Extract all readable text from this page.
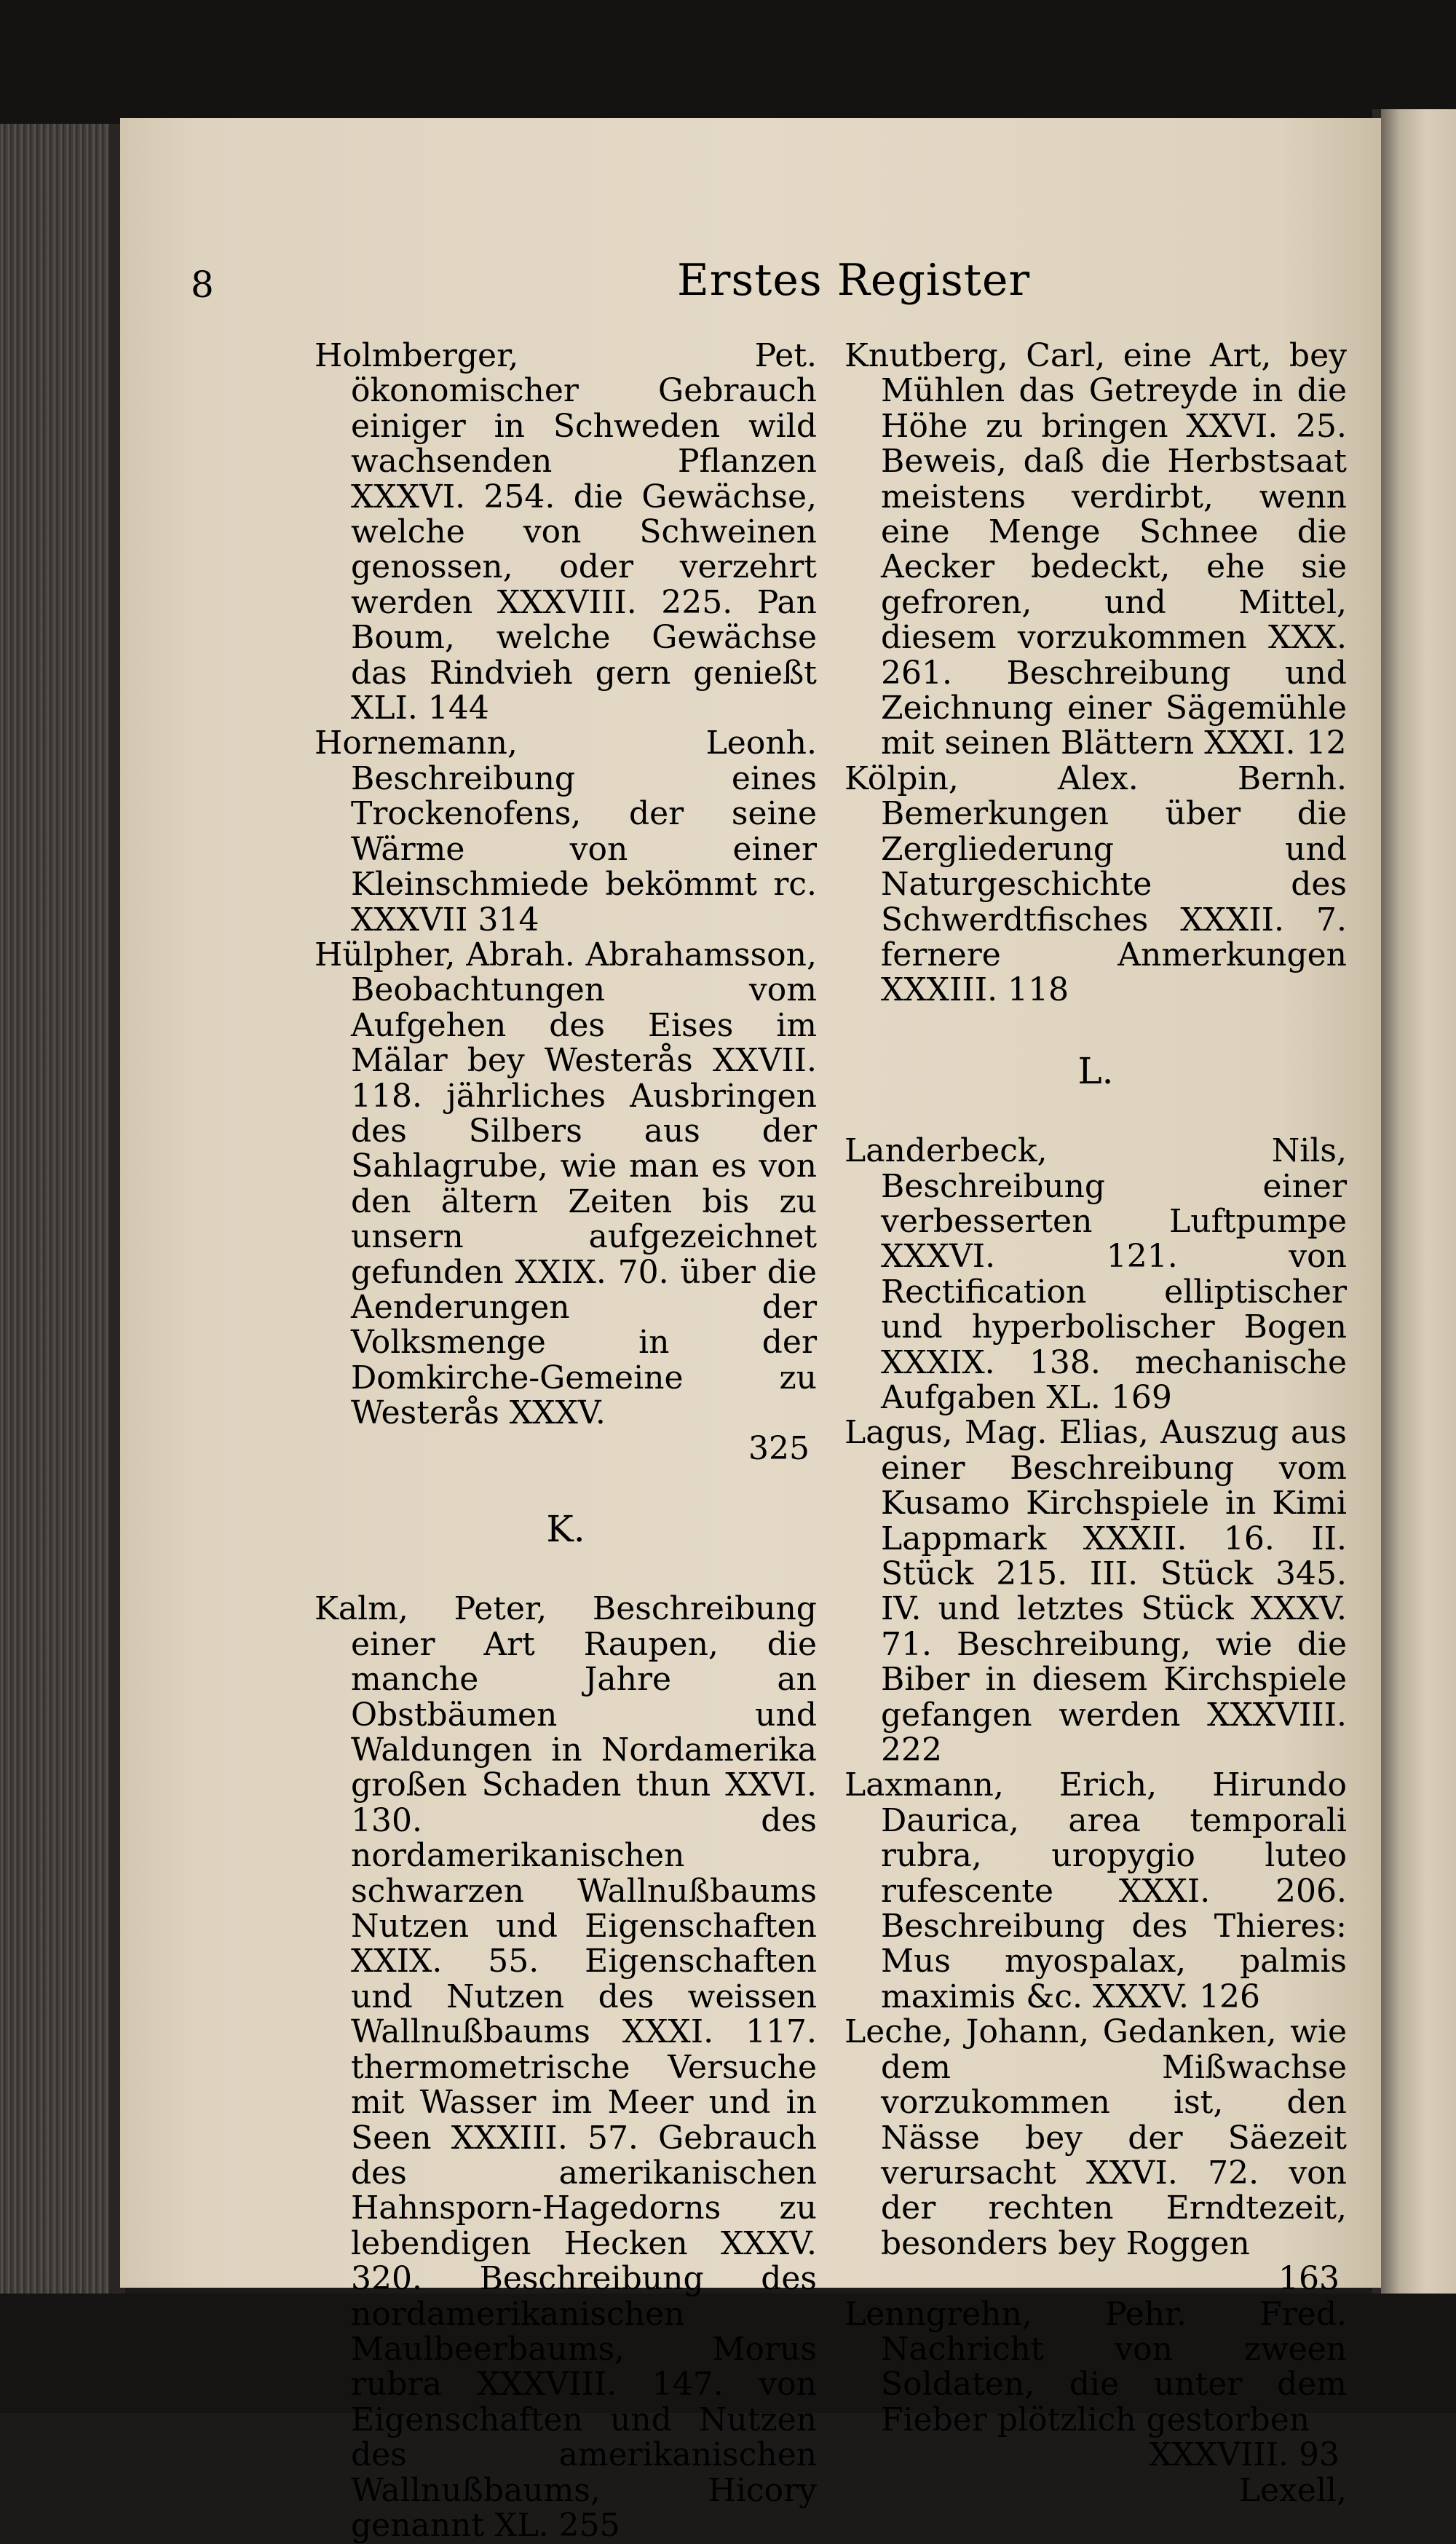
8	Erstes Register

Holmberger, Pet. ökonomischer Gebrauch einiger in Schweden wild wachsenden Pflanzen XXXVI. 254. die Gewächse, welche von Schweinen genossen, oder verzehrt werden XXXVIII. 225. Pan Boum, welche Gewächse das Rindvieh gern genießt XLI. 144

Hornemann, Leonh. Beschreibung eines Trockenofens, der seine Wärme von einer Kleinschmiede bekömmt rc. XXXVII 314

Hülpher, Abrah. Abrahamsson, Beobachtungen vom Aufgehen des Eises im Mälar bey Westerås XXVII. 118. jährliches Ausbringen des Silbers aus der Sahlagrube, wie man es von den ältern Zeiten bis zu unsern aufgezeichnet gefunden XXIX. 70. über die Aenderungen der Volksmenge in der Domkirche-Gemeine zu Westerås XXXV.

325
K.

Kalm, Peter, Beschreibung einer Art Raupen, die manche Jahre an Obstbäumen und Waldungen in Nordamerika großen Schaden thun XXVI. 130. des nordamerikanischen schwarzen Wallnußbaums Nutzen und Eigenschaften XXIX. 55. Eigenschaften und Nutzen des weissen Wallnußbaums XXXI. 117. thermometrische Versuche mit Wasser im Meer und in Seen XXXIII. 57. Gebrauch des amerikanischen Hahnsporn-Hagedorns zu lebendigen Hecken XXXV. 320. Beschreibung des nordamerikanischen Maulbeerbaums, Morus rubra XXXVIII. 147. von Eigenschaften und Nutzen des amerikanischen Wallnußbaums, Hicory genannt XL. 255

Knutberg, Carl, eine Art, bey Mühlen das Getreyde in die Höhe zu bringen XXVI. 25. Beweis, daß die Herbstsaat meistens verdirbt, wenn eine Menge Schnee die Aecker bedeckt, ehe sie gefroren, und Mittel, diesem vorzukommen XXX. 261. Beschreibung und Zeichnung einer Sägemühle mit seinen Blättern XXXI. 12

Kölpin, Alex. Bernh. Bemerkungen über die Zergliederung und Naturgeschichte des Schwerdtfisches XXXII. 7. fernere Anmerkungen XXXIII. 118

L.

Landerbeck, Nils, Beschreibung einer verbesserten Luftpumpe XXXVI. 121. von Rectification elliptischer und hyperbolischer Bogen XXXIX. 138. mechanische Aufgaben XL. 169

Lagus, Mag. Elias, Auszug aus einer Beschreibung vom Kusamo Kirchspiele in Kimi Lappmark XXXII. 16. II. Stück 215. III. Stück 345. IV. und letztes Stück XXXV. 71. Beschreibung, wie die Biber in diesem Kirchspiele gefangen werden XXXVIII. 222

Laxmann, Erich, Hirundo Daurica, area temporali rubra, uropygio luteo rufescente XXXI. 206. Beschreibung des Thieres: Mus myospalax, palmis maximis &c. XXXV. 126

Leche, Johann, Gedanken, wie dem Mißwachse vorzukommen ist, den Nässe bey der Säezeit verursacht XXVI. 72. von der rechten Erndtezeit, besonders bey Roggen

163

Lenngrehn, Pehr. Fred. Nachricht von zween Soldaten, die unter dem Fieber plötzlich gestorben

XXXVIII. 93
Lexell,
